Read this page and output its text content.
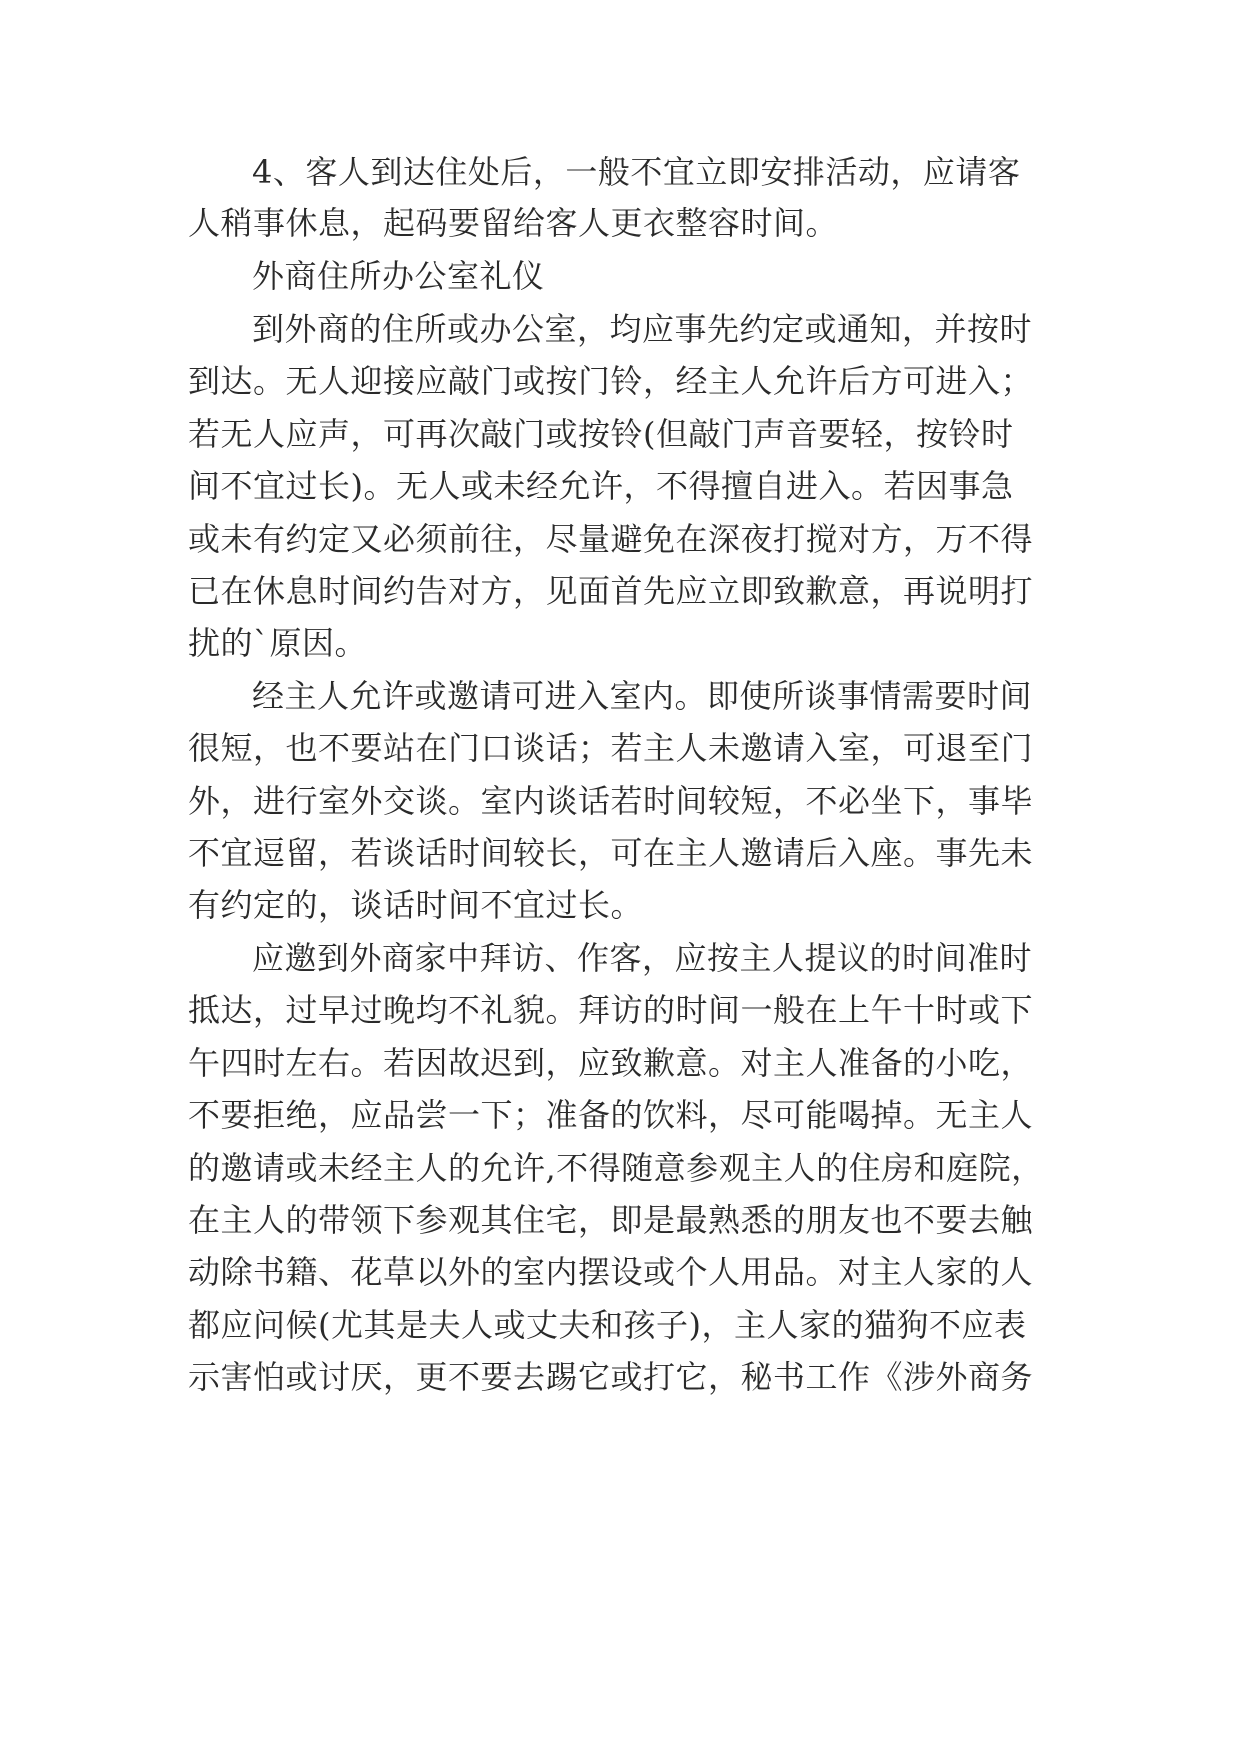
4、客人到达住处后，一般不宜立即安排活动，应请客
人稍事休息，起码要留给客人更衣整容时间。
外商住所办公室礼仪
到外商的住所或办公室，均应事先约定或通知，并按时
到达。无人迎接应敲门或按门铃，经主人允许后方可进入；
若无人应声，可再次敲门或按铃(但敲门声音要轻，按铃时
间不宜过长)。无人或未经允许，不得擅自进入。若因事急
或未有约定又必须前往，尽量避免在深夜打搅对方，万不得
已在休息时间约告对方，见面首先应立即致歉意，再说明打
扰的`原因。
经主人允许或邀请可进入室内。即使所谈事情需要时间
很短，也不要站在门口谈话；若主人未邀请入室，可退至门
外，进行室外交谈。室内谈话若时间较短，不必坐下，事毕
不宜逗留，若谈话时间较长，可在主人邀请后入座。事先未
有约定的，谈话时间不宜过长。
应邀到外商家中拜访、作客，应按主人提议的时间准时
抵达，过早过晚均不礼貌。拜访的时间一般在上午十时或下
午四时左右。若因故迟到，应致歉意。对主人准备的小吃，
不要拒绝，应品尝一下；准备的饮料，尽可能喝掉。无主人
的邀请或未经主人的允许,不得随意参观主人的住房和庭院，
在主人的带领下参观其住宅，即是最熟悉的朋友也不要去触
动除书籍、花草以外的室内摆设或个人用品。对主人家的人
都应问候(尤其是夫人或丈夫和孩子)，主人家的猫狗不应表
示害怕或讨厌，更不要去踢它或打它，秘书工作《涉外商务
